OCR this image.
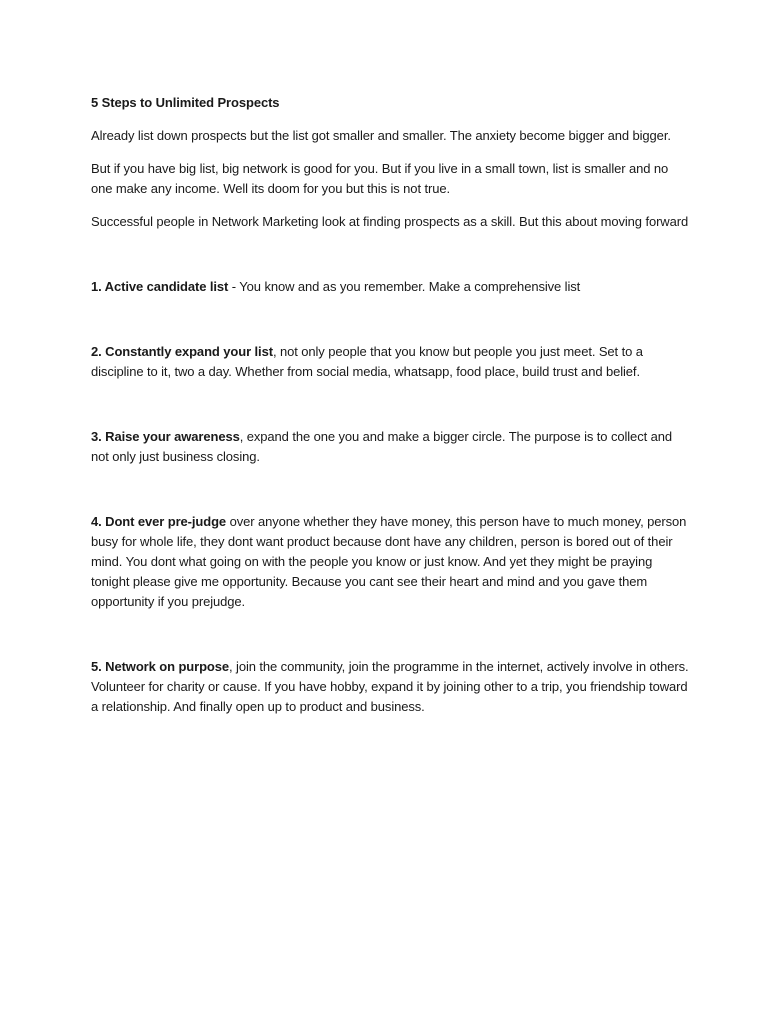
5 Steps to Unlimited Prospects

Already list down prospects but the list got smaller and smaller. The anxiety become bigger and bigger.

But if you have big list, big network is good for you. But if you live in a small town, list is smaller and no one make any income. Well its doom for you but this is not true.

Successful people in Network Marketing look at finding prospects as a skill. But this about moving forward

1. Active candidate list - You know and as you remember. Make a comprehensive list

2. Constantly expand your list, not only people that you know but people you just meet. Set to a discipline to it, two a day. Whether from social media, whatsapp, food place, build trust and belief.

3. Raise your awareness, expand the one you and make a bigger circle. The purpose is to collect and not only just business closing.

4. Dont ever pre-judge over anyone whether they have money, this person have to much money, person busy for whole life, they dont want product because dont have any children, person is bored out of their mind. You dont what going on with the people you know or just know. And yet they might be praying tonight please give me opportunity. Because you cant see their heart and mind and you gave them opportunity if you prejudge.

5. Network on purpose, join the community, join the programme in the internet, actively involve in others. Volunteer for charity or cause. If you have hobby, expand it by joining other to a trip, you friendship toward a relationship. And finally open up to product and business.
